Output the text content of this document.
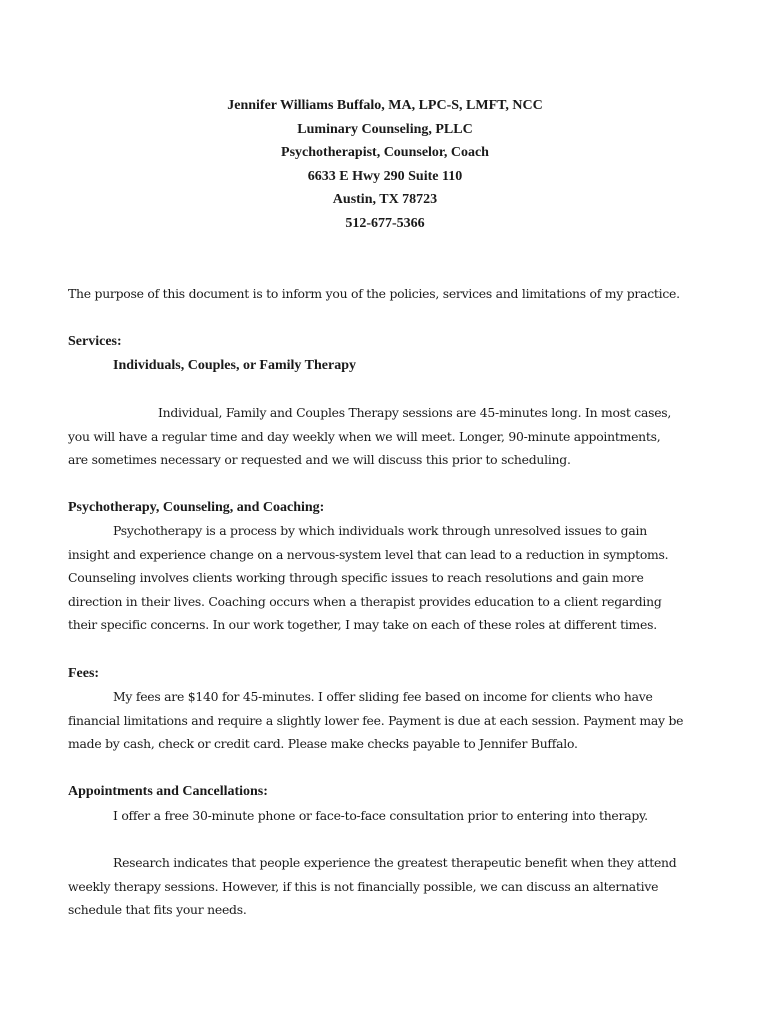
Jennifer Williams Buffalo, MA, LPC-S, LMFT, NCC
Luminary Counseling, PLLC
Psychotherapist, Counselor, Coach
6633 E Hwy 290 Suite 110
Austin, TX 78723
512-677-5366
The purpose of this document is to inform you of the policies, services and limitations of my practice.
Services:
Individuals, Couples, or Family Therapy
Individual, Family and Couples Therapy sessions are 45-minutes long. In most cases,
you will have a regular time and day weekly when we will meet. Longer, 90-minute appointments,
are sometimes necessary or requested and we will discuss this prior to scheduling.
Psychotherapy, Counseling, and Coaching:
Psychotherapy is a process by which individuals work through unresolved issues to gain
insight and experience change on a nervous-system level that can lead to a reduction in symptoms.
Counseling involves clients working through specific issues to reach resolutions and gain more
direction in their lives. Coaching occurs when a therapist provides education to a client regarding
their specific concerns. In our work together, I may take on each of these roles at different times.
Fees:
My fees are $140 for 45-minutes. I offer sliding fee based on income for clients who have
financial limitations and require a slightly lower fee. Payment is due at each session. Payment may be
made by cash, check or credit card. Please make checks payable to Jennifer Buffalo.
Appointments and Cancellations:
I offer a free 30-minute phone or face-to-face consultation prior to entering into therapy.
Research indicates that people experience the greatest therapeutic benefit when they attend
weekly therapy sessions. However, if this is not financially possible, we can discuss an alternative
schedule that fits your needs.
